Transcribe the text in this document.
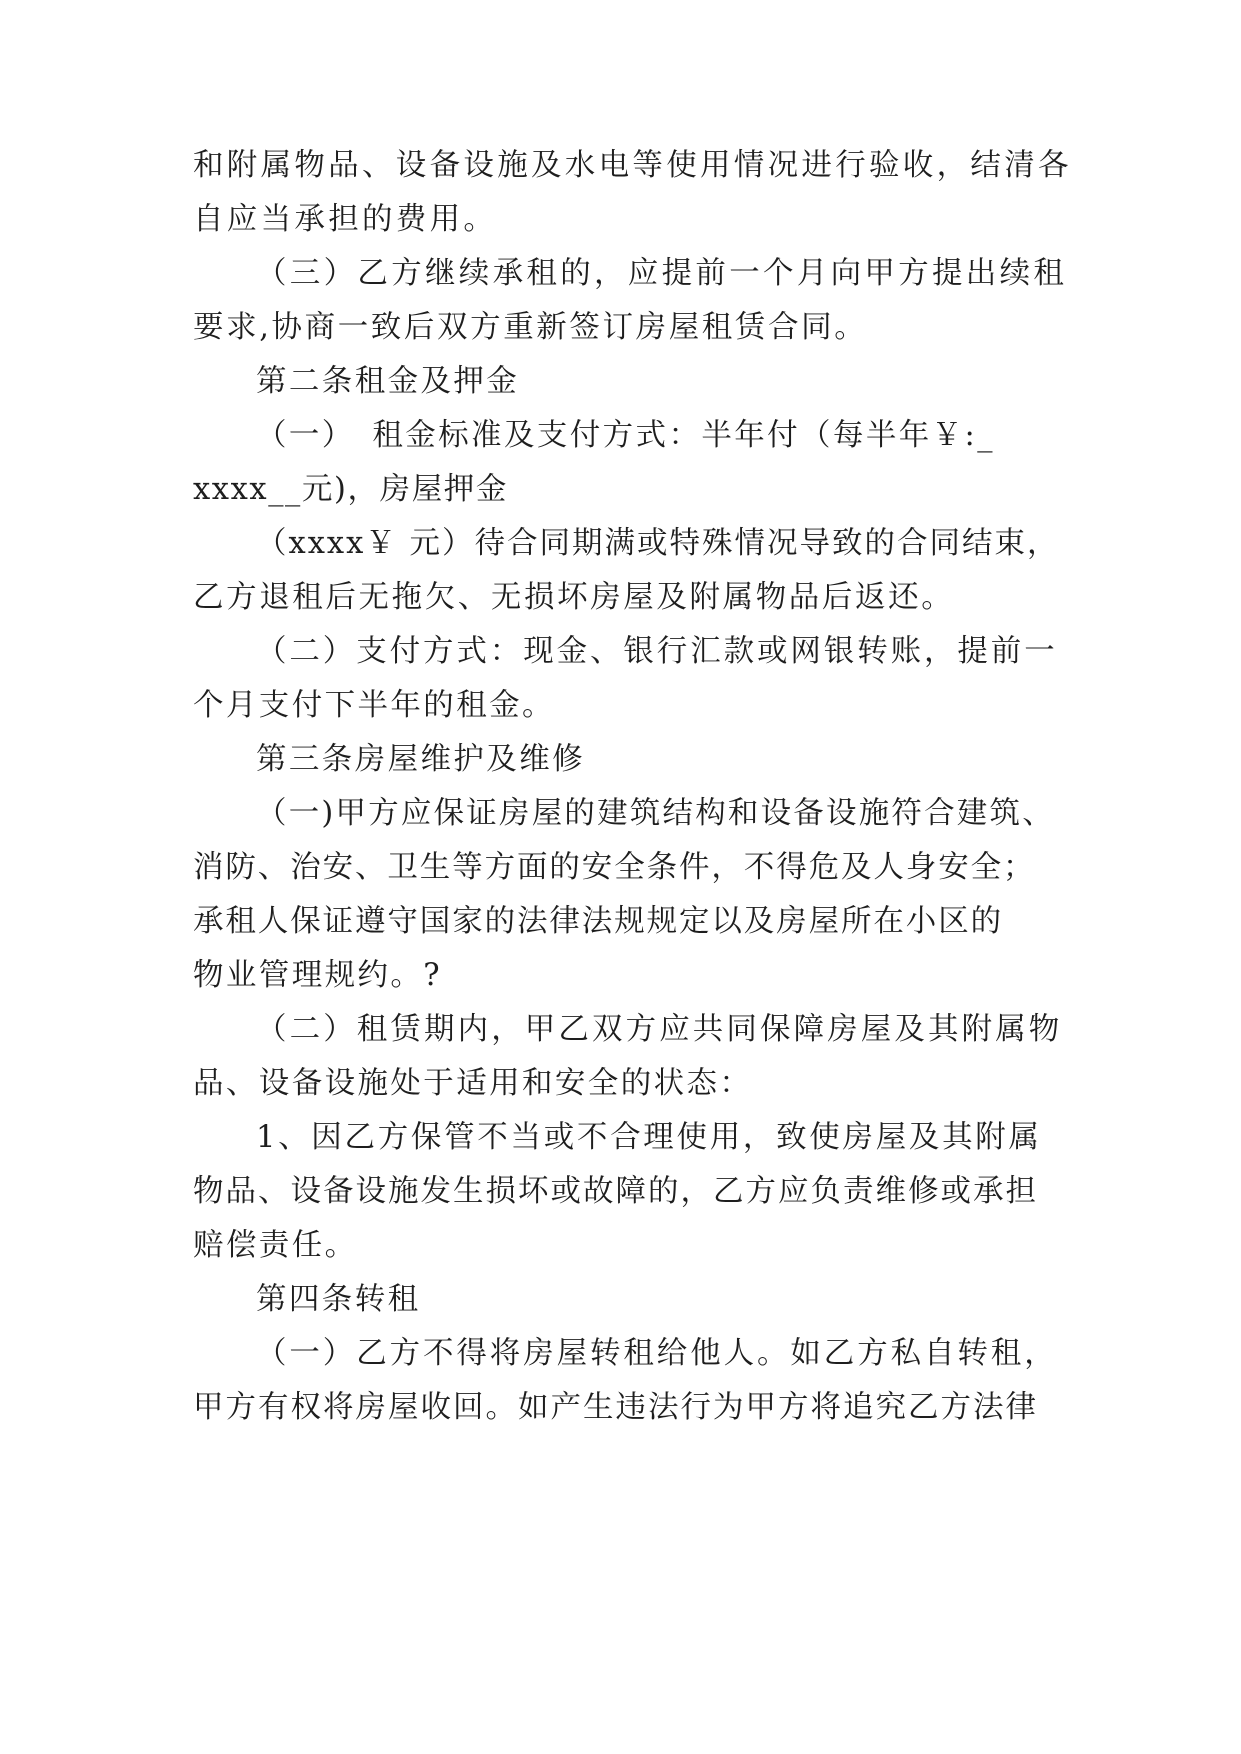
和附属物品、设备设施及水电等使用情况进行验收，结清各

自应当承担的费用。

（三）乙方继续承租的，应提前一个月向甲方提出续租

要求,协商一致后双方重新签订房屋租赁合同。

第二条租金及押金

（一）　租金标准及支付方式：半年付（每半年￥:_

xxxx__元)，房屋押金

（xxxx￥ 元）待合同期满或特殊情况导致的合同结束，

乙方退租后无拖欠、无损坏房屋及附属物品后返还。

（二）支付方式：现金、银行汇款或网银转账，提前一

个月支付下半年的租金。

第三条房屋维护及维修

（一)甲方应保证房屋的建筑结构和设备设施符合建筑、

消防、治安、卫生等方面的安全条件，不得危及人身安全；

承租人保证遵守国家的法律法规规定以及房屋所在小区的

物业管理规约。?

（二）租赁期内，甲乙双方应共同保障房屋及其附属物

品、设备设施处于适用和安全的状态：

1、因乙方保管不当或不合理使用，致使房屋及其附属

物品、设备设施发生损坏或故障的，乙方应负责维修或承担

赔偿责任。

第四条转租

（一）乙方不得将房屋转租给他人。如乙方私自转租，

甲方有权将房屋收回。如产生违法行为甲方将追究乙方法律
